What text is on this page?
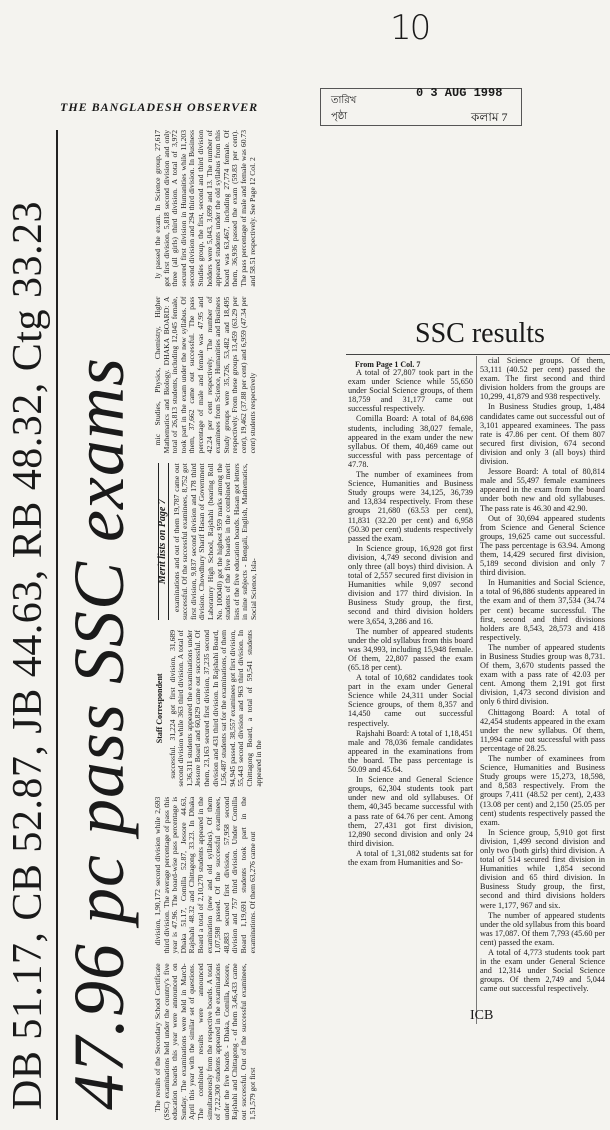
10
THE BANGLADESH OBSERVER	তারিখ
0 3 AUG 1998
পৃষ্ঠা	কলাম 7
DB 51.17, CB 52.87, JB 44.63, RB 48.32, Ctg 33.23 47.96 pc pass SSC exams The results of the Secondary School Certificate (SSC) examinations held under the country's five education boards this year were announced on Sunday. The examinations were held in March-April this year with the similar set of questions. The combined results were announced simultaneously from the respective boards. A total of 7,22,300 students appeared in the examinations under the five boards - Dhaka, Comilla, Jessore, Rajshahi and Chittagong - of them 3,46,433 came out successful. Out of the successful examinees, 1,51,579 got first

division, 1,90,172 second division while 2,693 third division. The average percentage of pass this year is 47.96. The board-wise pass percentage is Dhaka 51.17, Comilla 52.87, Jessore 44.63, Rajshahi 48.32 and Chittagong 33.23. In Dhaka Board a total of 2,10,270 students appeared in the examination (new and old syllabus). Of them 1,07,598 passed. Of the successful examinees, 48,883 secured first division, 57,958 second division and 757 third division. Under Comilla Board 1,19,691 students took part in the examinations. Of them 63,276 came out

Staff Correspondent successful. 31,224 got first division, 31,689 second division while 363 third division. A total of 1,36,311 students appeared the examinations under Jessore Board and 60,829 came out successful. Of them, 23,163 secured first division, 37,235 second division and 431 third division. In Rajshahi Board, 1,56,487 students sat for the examinations, of them 94,945 passed. 38,557 examinees got first division, 55,443 second division and 963 third division. In Chittagong Board, a total of 59,541 students appeared in the

Merit lists on Page 7 examinations and out of them 19,787 came out successful. Of the successful examinees, 8,752 got first division, 9,837 second division and 178 third division. Chowdhury Sharif Hasan of Government Laboratory High School, Rajshahi (bearing Roll No. 100040) got the highest 959 marks among the students of the five boards in the combined merit lists of the five education boards. Hasan got letters in nine subjects - Bengali, English, Mathematics, Social Science, Isla-

mic Studies, Physics, Chemistry, Higher Mathematics and Biology. DHAKA BOARD: A total of 26,813 students, including 12,045 female, took part in the exam under the new syllabus. Of them, 37,662 came out successful. The pass percentage of male and female was 47.95 and 42.24 per cent respectively. The number of examinees from Science, Humanities and Business Study groups were 35,726, 53,482 and 18,495 respectively. From these groups 13,459 (63.29 per cent), 19,462 (37.88 per cent) and 6,959 (47.34 per cent) students respectively

ly passed the exam. In Science group, 27,617 got first division, 5,818 second division and only three (all girls) third division. A total of 3,972 secured first division in Humanities while 11,203 second division and 294 third division. In Business Studies group, the first, second and third division holders were 5,043, 3,699 and 13. The number of appeared students under the old syllabus from this board was 63,467, including 27,774 female. Of them, 36,936 passed the exam (59.83 per cent). The pass percentage of male and female was 60.73 and 58.51 respectively. See Page 12 Col. 2

SSC results
From Page 1 Col. 7

A total of 27,807 took part in the exam under Science while 55,650 under Social Science groups, of them 18,759 and 31,177 came out successful respectively.

Comilla Board: A total of 84,698 students, including 38,027 female, appeared in the exam under the new syllabus. Of them, 40,469 came out successful with pass percentage of 47.78.

The number of examinees from Science, Humanities and Business Study groups were 34,125, 36,739 and 13,834 respectively. From these groups 21,680 (63.53 per cent), 11,831 (32.20 per cent) and 6,958 (50.30 per cent) students respectively passed the exam.

In Science group, 16,928 got first division, 4,749 second division and only three (all boys) third division. A total of 2,557 secured first division in Humanities while 9,097 second division and 177 third division. In Business Study group, the first, second and third division holders were 3,654, 3,286 and 16.

The number of appeared students under the old syllabus from this board was 34,993, including 15,948 female. Of them, 22,807 passed the exam (65.18 per cent).

A total of 10,682 candidates took part in the exam under General Science while 24,311 under Social Science groups, of them 8,357 and 14,450 came out successful respectively.

Rajshahi Board: A total of 1,18,451 male and 78,036 female candidates appeared in the examinations from the board. The pass percentage is 50.09 and 45.64.

In Science and General Science groups, 62,304 students took part under new and old syllabuses. Of them, 40,345 became successful with a pass rate of 64.76 per cent. Among them, 27,431 got first division, 12,890 second division and only 24 third division.

A total of 1,31,082 students sat for the exam from Humanities and So-

cial Science groups. Of them, 53,111 (40.52 per cent) passed the exam. The first second and third division holders from the groups are 10,299, 41,879 and 938 respectively.

In Business Studies group, 1,484 candidates came out successful out of 3,101 appeared examinees. The pass rate is 47.86 per cent. Of them 807 secured first division, 674 second division and only 3 (all boys) third division.

Jessore Board: A total of 80,814 male and 55,497 female examinees appeared in the exam from the board under both new and old syllabuses. The pass rate is 46.30 and 42.90.

Out of 30,694 appeared students from Science and General Science groups, 19,625 came out successful. The pass percentage is 63.94. Among them, 14,429 secured first division, 5,189 second division and only 7 third division.

In Humanities and Social Science, a total of 96,886 students appeared in the exam and of them 37,534 (34.74 per cent) became successful. The first, second and third divisions holders are 8,543, 28,573 and 418 respectively.

The number of appeared students in Business Studies group was 8,731. Of them, 3,670 students passed the exam with a pass rate of 42.03 per cent. Among them 2,191 got first division, 1,473 second division and only 6 third division.

Chittagong Board: A total of 42,454 students appeared in the exam under the new syllabus. Of them, 11,994 came out successful with pass percentage of 28.25.

The number of examinees from Science, Humanities and Business Study groups were 15,273, 18,598, and 8,583 respectively. From the groups 7,411 (48.52 per cent), 2,433 (13.08 per cent) and 2,150 (25.05 per cent) students respectively passed the exam.

In Science group, 5,910 got first division, 1,499 second division and only two (both girls) third division. A total of 514 secured first division in Humanities while 1,854 second division and 65 third division. In Business Study group, the first, second and third divisions holders were 1,177, 967 and six.

The number of appeared students under the old syllabus from this board was 17,087. Of them 7,793 (45.60 per cent) passed the exam.

A total of 4,773 students took part in the exam under General Science and 12,314 under Social Science groups. Of them 2,749 and 5,044 came out successful respectively.

ICB
